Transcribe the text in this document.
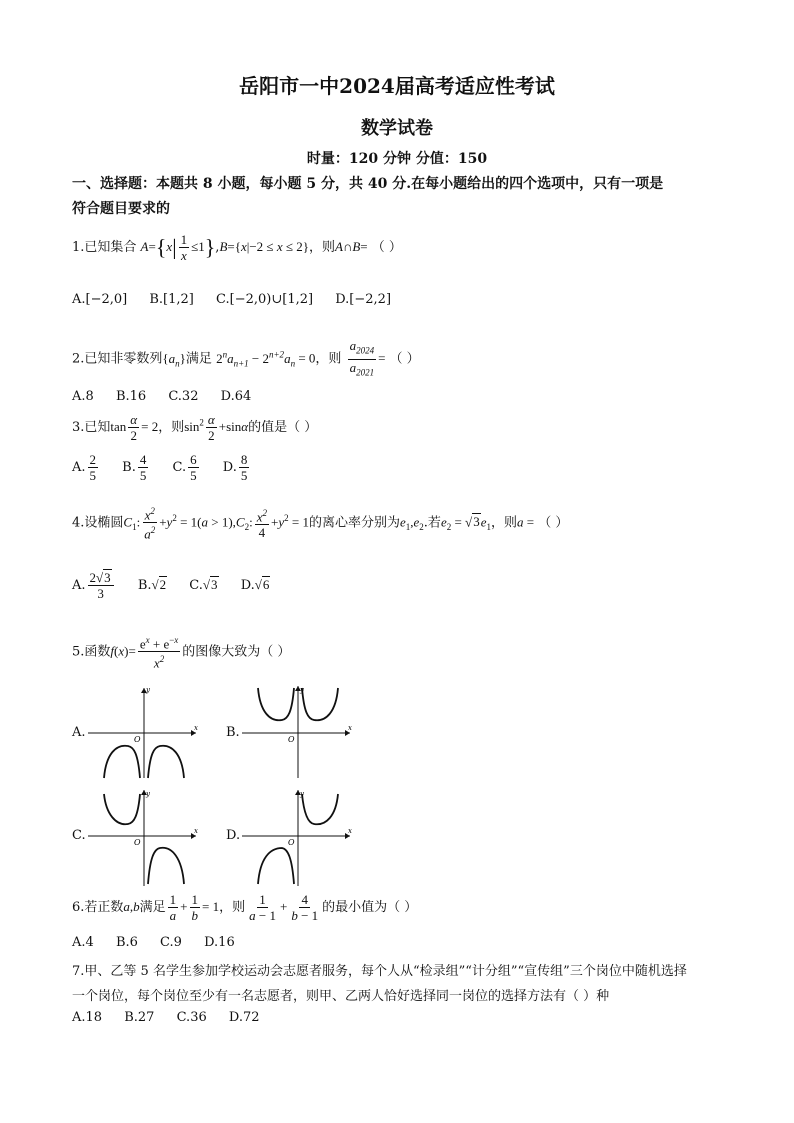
岳阳市一中2024届高考适应性考试
数学试卷
时量：120 分钟 分值：150
一、选择题：本题共 8 小题，每小题 5 分，共 40 分.在每小题给出的四个选项中，只有一项是
符合题目要求的
1.已知集合 $A=\{x| \frac{1}{x} \le 1\},B=\{x|-2 \le x \le 2\}$，则A∩B= （ ）
A.[−2,0] B.[1,2] C.[−2,0)∪[1,2] D.[−2,2]
2.已知非零数列$\{a_n\}$满足 $2^na_{n+1} - 2^{n+2}a_n = 0$，则 $\frac{a_{2024}}{a_{2021}}$ = （ ）
A.8 B.16 C.32 D.64
3.已知$\tan \frac{\alpha}{2} = 2$，则$\sin^2 \frac{\alpha}{2} +\sin\alpha$的值是（ ）
A. $\frac{2}{5} B$. $\frac{4}{5} C$. $\frac{6}{5} D$. $\frac{8}{5}$
4.设椭圆$C_1$: $\frac{x^2}{a^2} +y^2 = 1(a > 1),C_2$: $\frac{x^2}{4} +y^2 = 1$的离心率分别为$e_1,e_2$.若$e_2 = √3e_1$，则a = （ ）
A. $\frac{2√3}{3} B.√2$ C.√3 D.√6
5.函数$f(x)= \frac{e^x + e^{-x}}{x^2}$ 的图像大致为（ ）
A.	B.
C.	D.
O
x
y
O
x
y
O
x
y
O
x
y
6.若正数a,b满足 $\frac{1}{a} + \frac{1}{b} = 1$，则 $\frac{1}{a - 1} + \frac{4}{b - 1}$ 的最小值为（ ）
A.4 B.6 C.9 D.16
7.甲、乙等 5 名学生参加学校运动会志愿者服务，每个人从“检录组”“计分组”“宣传组”三个岗位中随机选择
一个岗位，每个岗位至少有一名志愿者，则甲、乙两人恰好选择同一岗位的选择方法有（ ）种
A.18 B.27 C.36 D.72
